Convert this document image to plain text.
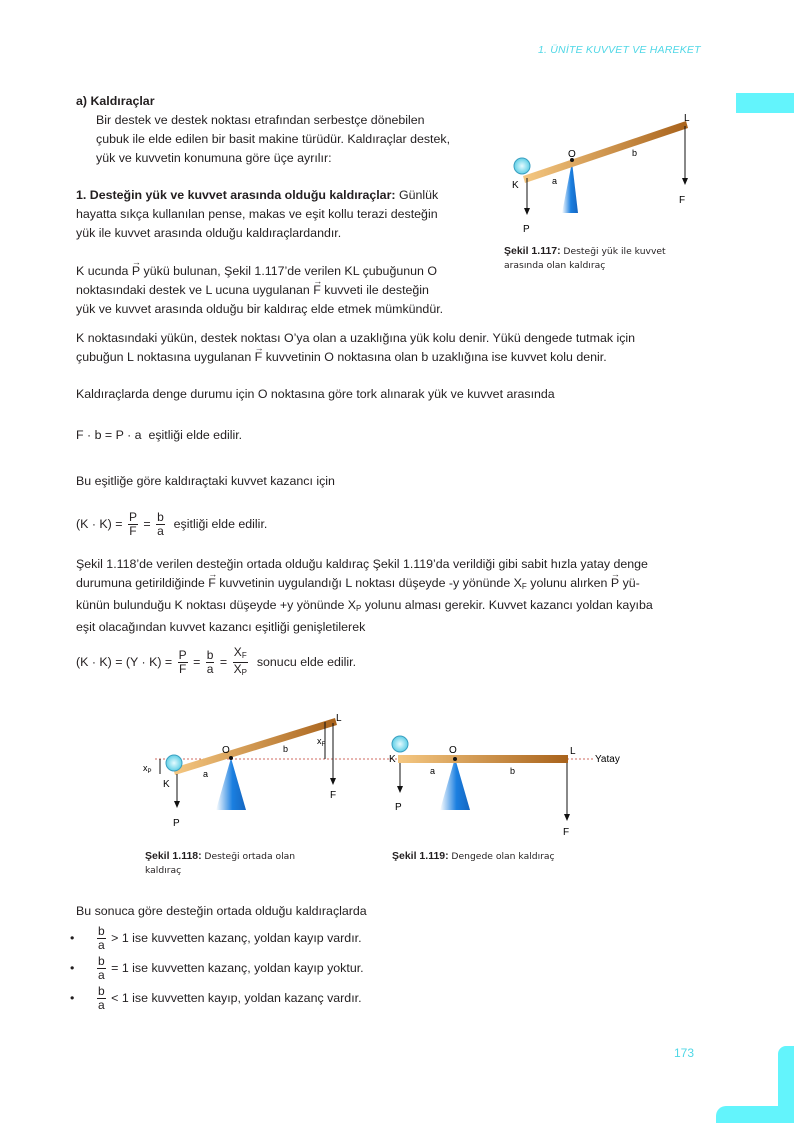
1. ÜNİTE KUVVET VE HAREKET
173
a) Kaldıraçlar
Bir destek ve destek noktası etrafından serbestçe dönebilen
çubuk ile elde edilen bir basit makine türüdür. Kaldıraçlar destek,
yük ve kuvvetin konumuna göre üçe ayrılır:
1. Desteğin yük ve kuvvet arasında olduğu kaldıraçlar: Günlük
hayatta sıkça kullanılan pense, makas ve eşit kollu terazi desteğin
yük ile kuvvet arasında olduğu kaldıraçlardandır.
K ucunda → P yükü bulunan, Şekil 1.117’de verilen KL çubuğunun O
noktasındaki destek ve L ucuna uygulanan → F kuvveti ile desteğin
yük ve kuvvet arasında olduğu bir kaldıraç elde etmek mümkündür.
K noktasındaki yükün, destek noktası O’ya olan a uzaklığına yük kolu denir. Yükü dengede tutmak için
çubuğun L noktasına uygulanan → F kuvvetinin O noktasına olan b uzaklığına ise kuvvet kolu denir.
Kaldıraçlarda denge durumu için O noktasına göre tork alınarak yük ve kuvvet arasında
F · b = P · a eşitliği elde edilir.
Bu eşitliğe göre kaldıraçtaki kuvvet kazancı için
$(K \cdot K) = \frac{P}{F} = \frac{b}{a}$ eşitliği elde edilir.
Şekil 1.118’de verilen desteğin ortada olduğu kaldıraç Şekil 1.119’da verildiği gibi sabit hızla yatay denge
durumuna getirildiğinde → F kuvvetinin uygulandığı L noktası düşeyde -y yönünde $X_F$ yolunu alırken → P yü-
künün bulunduğu K noktası düşeyde +y yönünde $X_P$ yolunu alması gerekir. Kuvvet kazancı yoldan kayıba
eşit olacağından kuvvet kazancı eşitliği genişletilerek
$(K \cdot K) = (Y \cdot K) = \frac{P}{F} = \frac{b}{a} = \frac{X_F}{X_P}$ sonucu elde edilir.
Bu sonuca göre desteğin ortada olduğu kaldıraçlarda
• $\frac{b}{a} > 1$ ise kuvvetten kazanç, yoldan kayıp vardır.
• $\frac{b}{a} = 1$ ise kuvvetten kazanç, yoldan kayıp yoktur.
• $\frac{b}{a} < 1$ ise kuvvetten kayıp, yoldan kazanç vardır.
K
O
L
a
b
P
F
Şekil 1.117: Desteği yük ile kuvvet
arasında olan kaldıraç
$x_P$
$x_F$
K
O
L
a
b
P
F
K
O	L
Yatay
a	b
P
F
Şekil 1.118: Desteği ortada olan
kaldıraç
Şekil 1.119: Dengede olan kaldıraç
